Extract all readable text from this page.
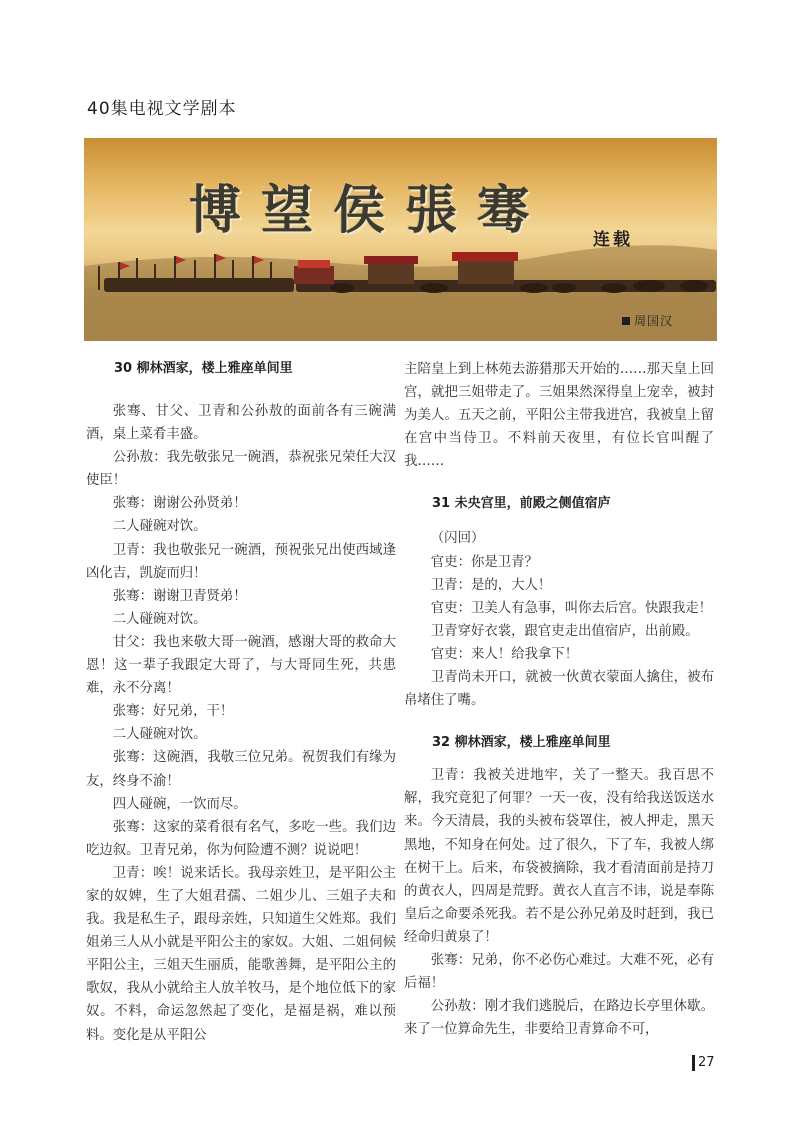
40集电视文学剧本
博望侯張骞	连载
周国汉
30 柳林酒家，楼上雅座单间里

张骞、甘父、卫青和公孙敖的面前各有三碗满酒，桌上菜肴丰盛。

公孙敖：我先敬张兄一碗酒，恭祝张兄荣任大汉使臣！

张骞：谢谢公孙贤弟！

二人碰碗对饮。

卫青：我也敬张兄一碗酒，预祝张兄出使西域逢凶化吉，凯旋而归！

张骞：谢谢卫青贤弟！

二人碰碗对饮。

甘父：我也来敬大哥一碗酒，感谢大哥的救命大恩！这一辈子我跟定大哥了，与大哥同生死，共患难，永不分离！

张骞：好兄弟，干！

二人碰碗对饮。

张骞：这碗酒，我敬三位兄弟。祝贺我们有缘为友，终身不渝！

四人碰碗，一饮而尽。

张骞：这家的菜肴很有名气，多吃一些。我们边吃边叙。卫青兄弟，你为何险遭不测？说说吧！

卫青：唉！说来话长。我母亲姓卫，是平阳公主家的奴婢，生了大姐君孺、二姐少儿、三姐子夫和我。我是私生子，跟母亲姓，只知道生父姓郑。我们姐弟三人从小就是平阳公主的家奴。大姐、二姐伺候平阳公主，三姐天生丽质，能歌善舞，是平阳公主的歌奴，我从小就给主人放羊牧马，是个地位低下的家奴。不料，命运忽然起了变化，是福是祸，难以预料。变化是从平阳公

主陪皇上到上林苑去游猎那天开始的……那天皇上回宫，就把三姐带走了。三姐果然深得皇上宠幸，被封为美人。五天之前，平阳公主带我进宫，我被皇上留在宫中当侍卫。不料前天夜里，有位长官叫醒了我……

31 未央宫里，前殿之侧值宿庐

（闪回）

官吏：你是卫青？

卫青：是的，大人！

官吏：卫美人有急事，叫你去后宫。快跟我走！

卫青穿好衣裳，跟官吏走出值宿庐，出前殿。

官吏：来人！给我拿下！

卫青尚未开口，就被一伙黄衣蒙面人擒住，被布帛堵住了嘴。

32 柳林酒家，楼上雅座单间里

卫青：我被关进地牢，关了一整天。我百思不解，我究竟犯了何罪？一天一夜，没有给我送饭送水来。今天清晨，我的头被布袋罩住，被人押走，黑天黑地，不知身在何处。过了很久，下了车，我被人绑在树干上。后来，布袋被摘除，我才看清面前是持刀的黄衣人，四周是荒野。黄衣人直言不讳，说是奉陈皇后之命要杀死我。若不是公孙兄弟及时赶到，我已经命归黄泉了！

张骞：兄弟，你不必伤心难过。大难不死，必有后福！

公孙敖：刚才我们逃脱后，在路边长亭里休歇。来了一位算命先生，非要给卫青算命不可，

27
